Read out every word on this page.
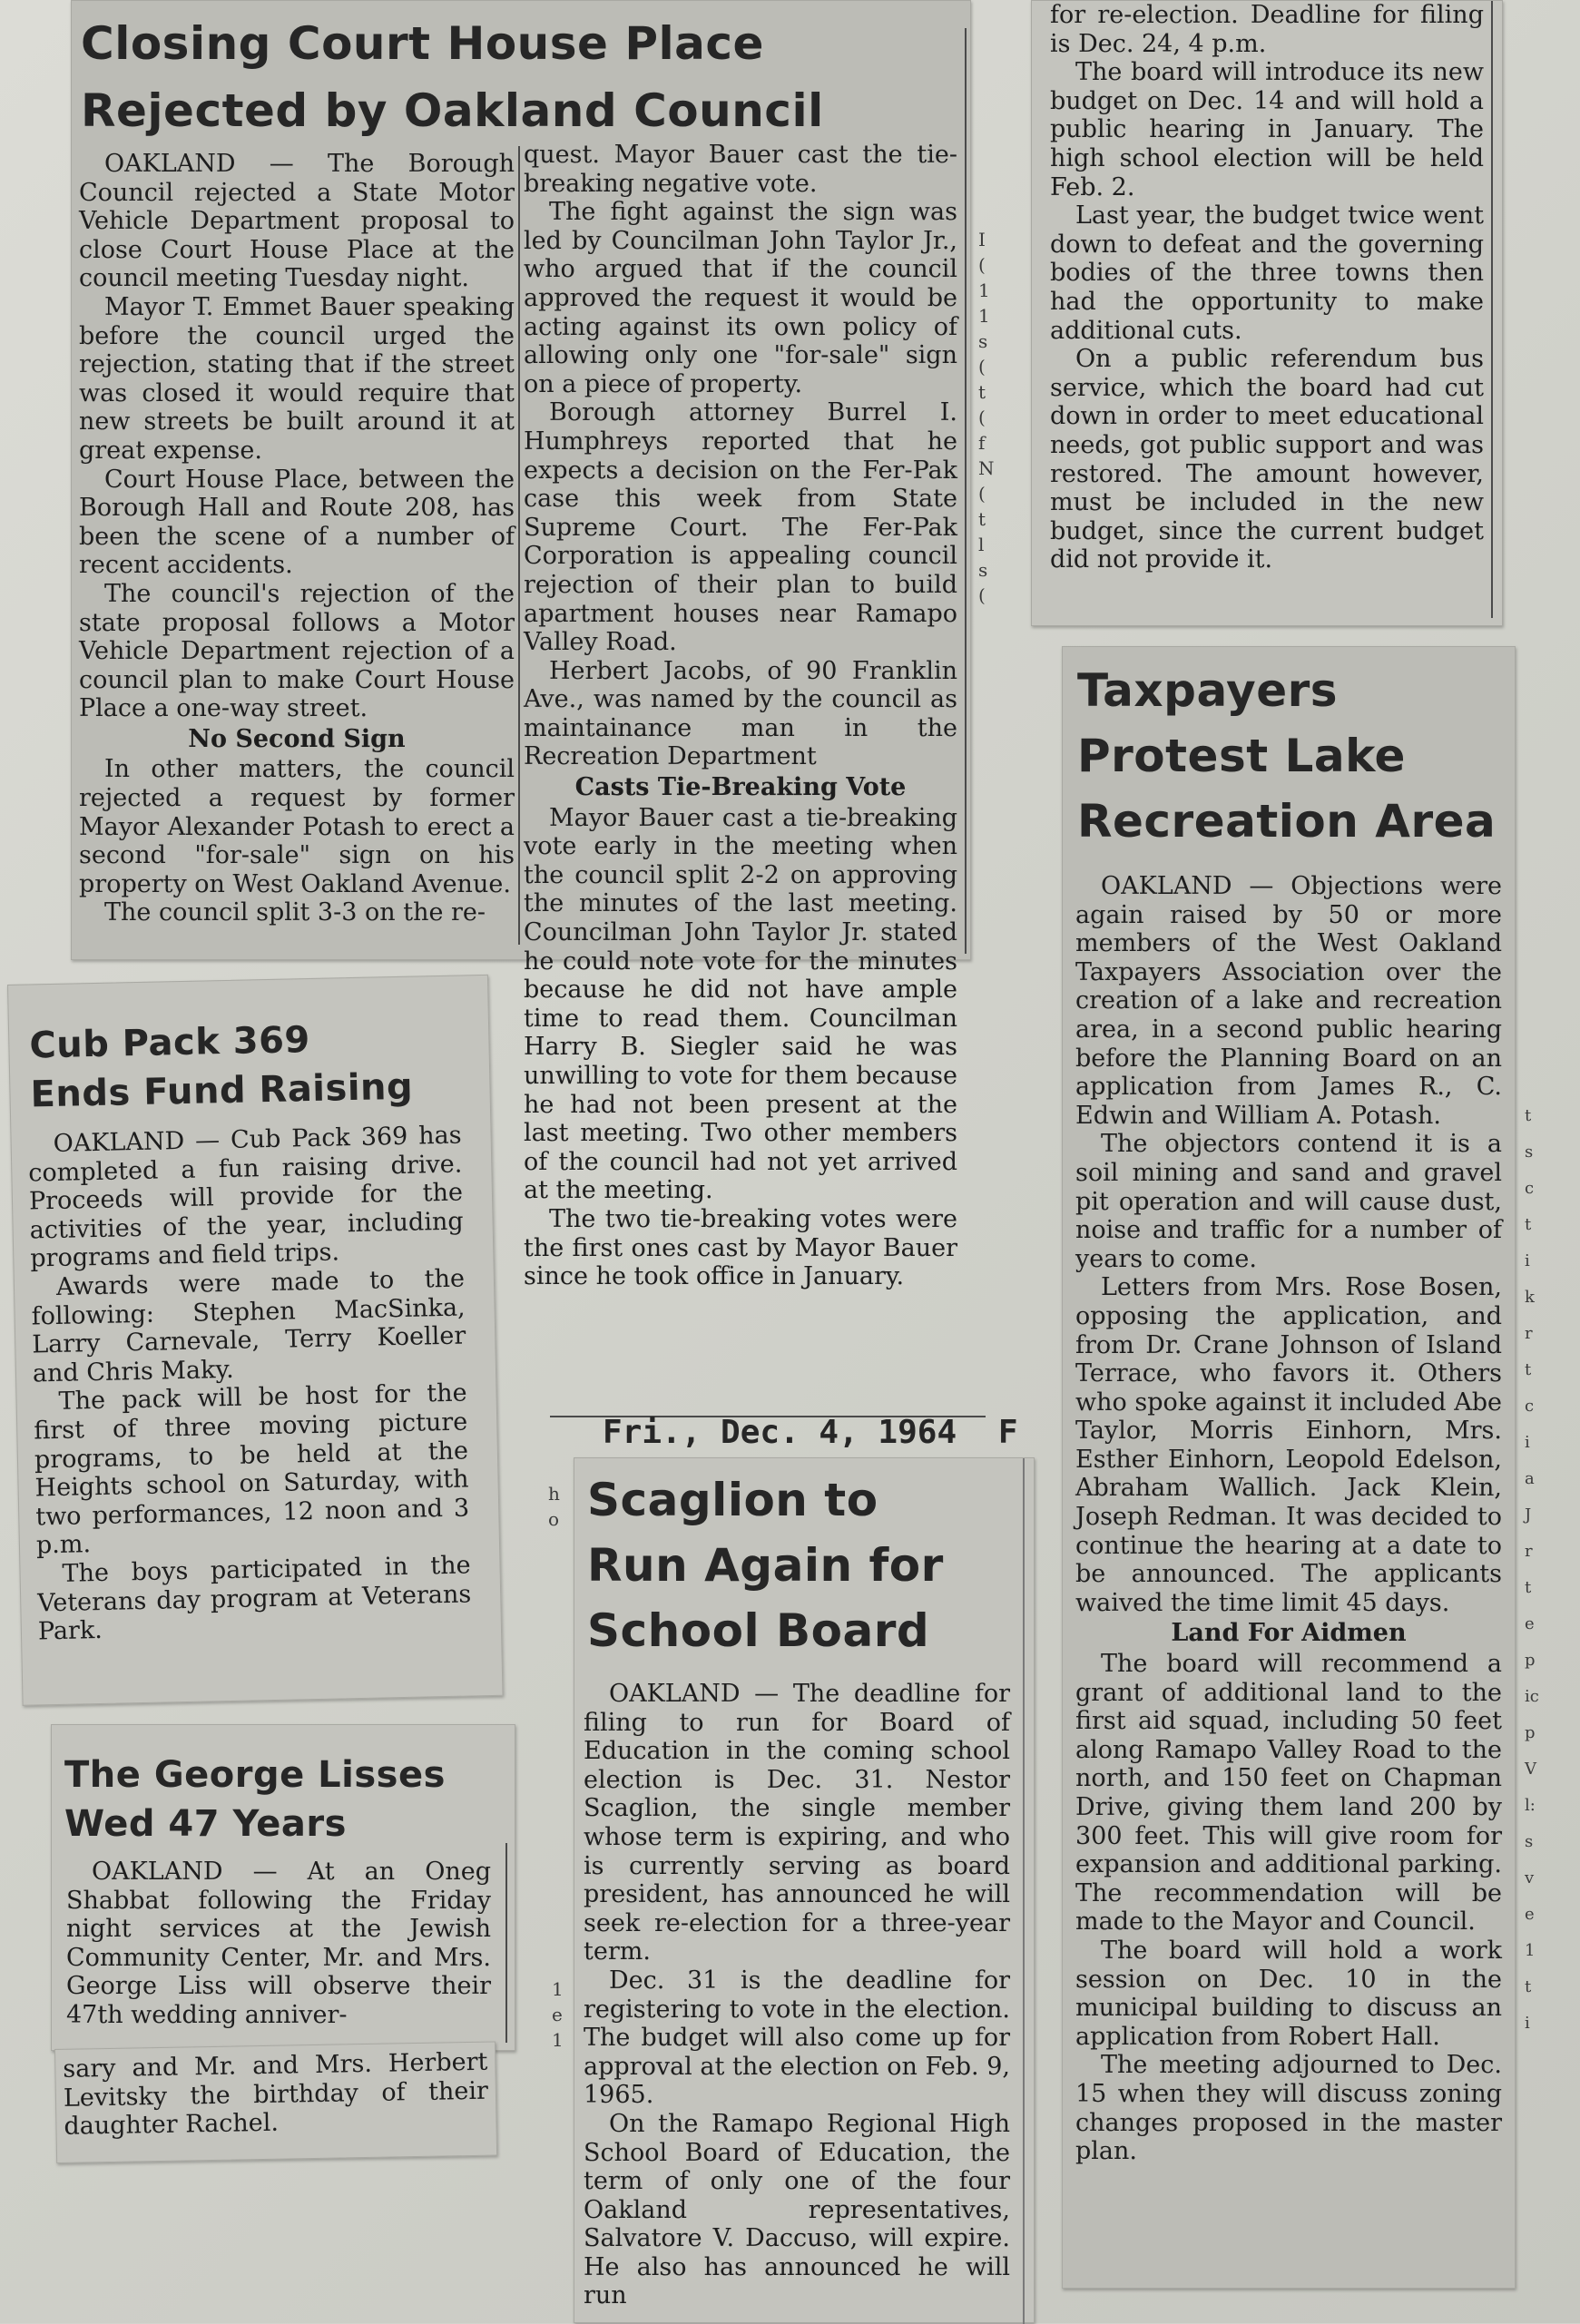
Closing Court House Place
Rejected by Oakland Council

OAKLAND — The Borough Council rejected a State Motor Vehicle Department proposal to close Court House Place at the council meeting Tuesday night.

Mayor T. Emmet Bauer speaking before the council urged the rejection, stating that if the street was closed it would require that new streets be built around it at great expense.

Court House Place, between the Borough Hall and Route 208, has been the scene of a number of recent accidents.

The council's rejection of the state proposal follows a Motor Vehicle Department rejection of a council plan to make Court House Place a one-way street.

No Second Sign

In other matters, the council rejected a request by former Mayor Alexander Potash to erect a second "for-sale" sign on his property on West Oakland Avenue.

The council split 3-3 on the re-

quest. Mayor Bauer cast the tie-breaking negative vote.

The fight against the sign was led by Councilman John Taylor Jr., who argued that if the council approved the request it would be acting against its own policy of allowing only one "for-sale" sign on a piece of property.

Borough attorney Burrel I. Humphreys reported that he expects a decision on the Fer-Pak case this week from State Supreme Court. The Fer-Pak Corporation is appealing council rejection of their plan to build apartment houses near Ramapo Valley Road.

Herbert Jacobs, of 90 Franklin Ave., was named by the council as maintainance man in the Recreation Department

Casts Tie-Breaking Vote

Mayor Bauer cast a tie-breaking vote early in the meeting when the council split 2-2 on approving the minutes of the last meeting. Councilman John Taylor Jr. stated he could note vote for the minutes because he did not have ample time to read them. Councilman Harry B. Siegler said he was unwilling to vote for them because he had not been present at the last meeting. Two other members of the council had not yet arrived at the meeting.

The two tie-breaking votes were the first ones cast by Mayor Bauer since he took office in January.

I
(
1
1
s
(
t
(
f
N
(
t
l
s
(

for re-election. Deadline for filing is Dec. 24, 4 p.m.

The board will introduce its new budget on Dec. 14 and will hold a public hearing in January. The high school election will be held Feb. 2.

Last year, the budget twice went down to defeat and the governing bodies of the three towns then had the opportunity to make additional cuts.

On a public referendum bus service, which the board had cut down in order to meet educational needs, got public support and was restored. The amount however, must be included in the new budget, since the current budget did not provide it.

Taxpayers
Protest Lake
Recreation Area

OAKLAND — Objections were again raised by 50 or more members of the West Oakland Taxpayers Association over the creation of a lake and recreation area, in a second public hearing before the Planning Board on an application from James R., C. Edwin and William A. Potash.

The objectors contend it is a soil mining and sand and gravel pit operation and will cause dust, noise and traffic for a number of years to come.

Letters from Mrs. Rose Bosen, opposing the application, and from Dr. Crane Johnson of Island Terrace, who favors it. Others who spoke against it included Abe Taylor, Morris Einhorn, Mrs. Esther Einhorn, Leopold Edelson, Abraham Wallich. Jack Klein, Joseph Redman. It was decided to continue the hearing at a date to be announced. The applicants waived the time limit 45 days.

Land For Aidmen

The board will recommend a grant of additional land to the first aid squad, including 50 feet along Ramapo Valley Road to the north, and 150 feet on Chapman Drive, giving them land 200 by 300 feet. This will give room for expansion and additional parking. The recommendation will be made to the Mayor and Council.

The board will hold a work session on Dec. 10 in the municipal building to discuss an application from Robert Hall.

The meeting adjourned to Dec. 15 when they will discuss zoning changes proposed in the master plan.

t
s
c
t
i
k
r
t
c
i
a
J
r
t
e
p
ic
p
V
l:
s
v
e
1
t
i
Cub Pack 369
Ends Fund Raising

OAKLAND — Cub Pack 369 has completed a fun raising drive. Proceeds will provide for the activities of the year, including programs and field trips.

Awards were made to the following: Stephen MacSinka, Larry Carnevale, Terry Koeller and Chris Maky.

The pack will be host for the first of three moving picture programs, to be held at the Heights school on Saturday, with two performances, 12 noon and 3 p.m.

The boys participated in the Veterans day program at Veterans Park.

The George Lisses
Wed 47 Years

OAKLAND — At an Oneg Shabbat following the Friday night services at the Jewish Community Center, Mr. and Mrs. George Liss will observe their 47th wedding anniver-

sary and Mr. and Mrs. Herbert Levitsky the birthday of their daughter Rachel.

Fri., Dec. 4, 1964 F
h
o Scaglion to
Run Again for
School Board

OAKLAND — The deadline for filing to run for Board of Education in the coming school election is Dec. 31. Nestor Scaglion, the single member whose term is expiring, and who is currently serving as board president, has announced he will seek re-election for a three-year term.

Dec. 31 is the deadline for registering to vote in the election. The budget will also come up for approval at the election on Feb. 9, 1965.

On the Ramapo Regional High School Board of Education, the term of only one of the four Oakland representatives, Salvatore V. Daccuso, will expire. He also has announced he will run

1
e
1
